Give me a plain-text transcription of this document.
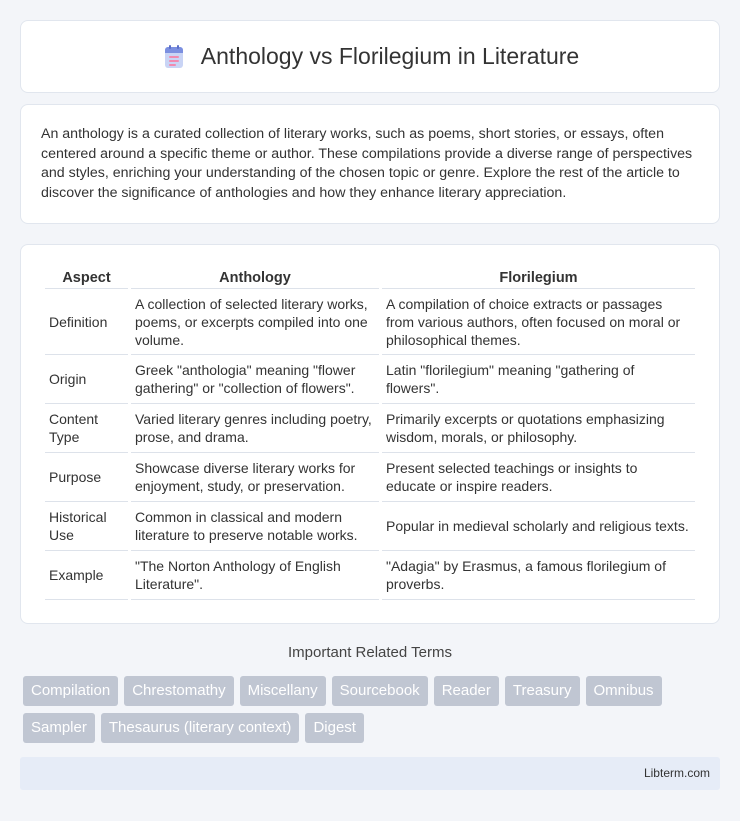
Anthology vs Florilegium in Literature

An anthology is a curated collection of literary works, such as poems, short stories, or essays, often centered around a specific theme or author. These compilations provide a diverse range of perspectives and styles, enriching your understanding of the chosen topic or genre. Explore the rest of the article to discover the significance of anthologies and how they enhance literary appreciation.

Aspect	Anthology	Florilegium
Definition	A collection of selected literary works, poems, or excerpts compiled into one volume.	A compilation of choice extracts or passages from various authors, often focused on moral or philosophical themes.
Origin	Greek "anthologia" meaning "flower gathering" or "collection of flowers".	Latin "florilegium" meaning "gathering of flowers".
Content Type	Varied literary genres including poetry, prose, and drama.	Primarily excerpts or quotations emphasizing wisdom, morals, or philosophy.
Purpose	Showcase diverse literary works for enjoyment, study, or preservation.	Present selected teachings or insights to educate or inspire readers.
Historical Use	Common in classical and modern literature to preserve notable works.	Popular in medieval scholarly and religious texts.
Example	"The Norton Anthology of English Literature".	"Adagia" by Erasmus, a famous florilegium of proverbs.
Important Related Terms
Compilation	Chrestomathy	Miscellany	Sourcebook	Reader	Treasury	Omnibus
Sampler	Thesaurus (literary context)	Digest
Libterm.com
